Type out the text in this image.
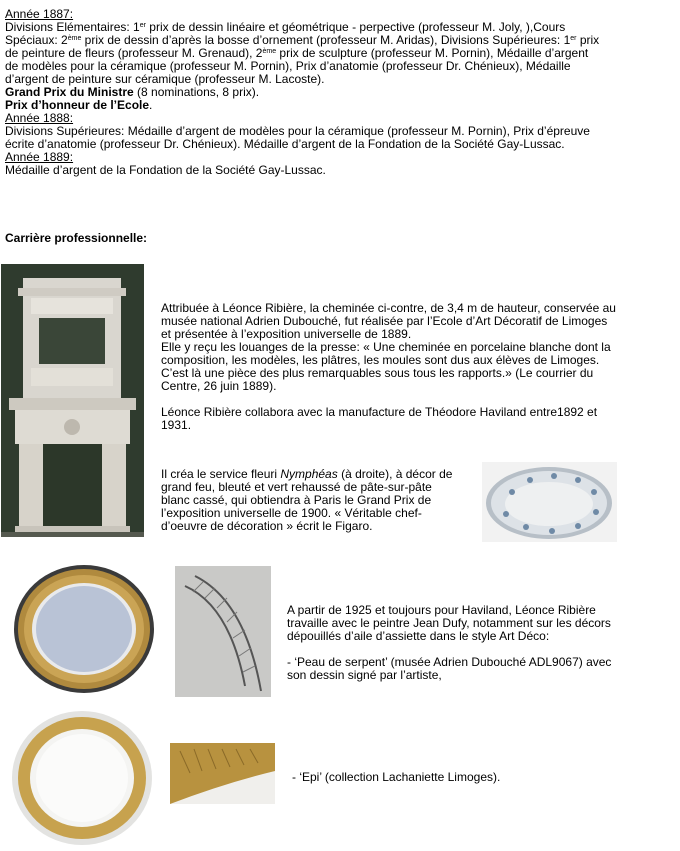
Année 1887:

Divisions Elémentaires: 1er prix de dessin linéaire et géométrique - perpective (professeur M. Joly, ),Cours

Spéciaux: 2ème prix de dessin d’après la bosse d’ornement (professeur M. Aridas), Divisions Supérieures: 1er prix

de peinture de fleurs (professeur M. Grenaud), 2ème prix de sculpture (professeur M. Pornin), Médaille d’argent

de modèles pour la céramique (professeur M. Pornin), Prix d’anatomie (professeur Dr. Chénieux), Médaille

d’argent de peinture sur céramique (professeur M. Lacoste).

Grand Prix du Ministre (8 nominations, 8 prix).

Prix d’honneur de l’Ecole.

Année 1888:

Divisions Supérieures: Médaille d’argent de modèles pour la céramique (professeur M. Pornin), Prix d’épreuve

écrite d’anatomie (professeur Dr. Chénieux). Médaille d’argent de la Fondation de la Société Gay-Lussac.

Année 1889:

Médaille d’argent de la Fondation de la Société Gay-Lussac.

Carrière professionnelle:
Attribuée à Léonce Ribière, la cheminée ci-contre, de 3,4 m de hauteur, conservée au
musée national Adrien Dubouché, fut réalisée par l’Ecole d’Art Décoratif de Limoges
et présentée à l’exposition universelle de 1889.
Elle y reçu les louanges de la presse: « Une cheminée en porcelaine blanche dont la
composition, les modèles, les plâtres, les moules sont dus aux élèves de Limoges.
C’est là une pièce des plus remarquables sous tous les rapports.» (Le courrier du
Centre, 26 juin 1889).
Léonce Ribière collabora avec la manufacture de Théodore Haviland entre1892 et
1931.
Il créa le service fleuri Nymphéas (à droite), à décor de
grand feu, bleuté et vert rehaussé de pâte-sur-pâte
blanc cassé, qui obtiendra à Paris le Grand Prix de
l’exposition universelle de 1900. « Véritable chef-
d’oeuvre de décoration » écrit le Figaro.
A partir de 1925 et toujours pour Haviland, Léonce Ribière
travaille avec le peintre Jean Dufy, notamment sur les décors
dépouillés d’aile d’assiette dans le style Art Déco:
- ‘Peau de serpent’ (musée Adrien Dubouché ADL9067) avec
son dessin signé par l’artiste,
- ‘Epi’ (collection Lachaniette Limoges).
